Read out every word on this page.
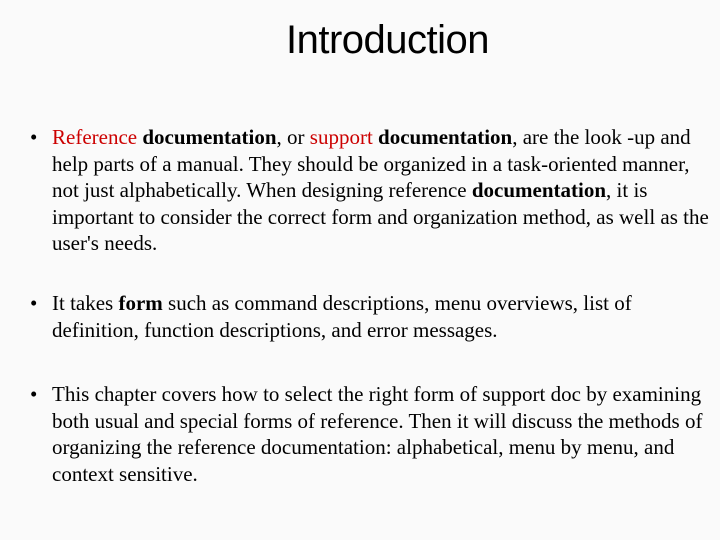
Introduction
• Reference documentation, or support documentation, are the look -up and help parts of a manual. They should be organized in a task-oriented manner, not just alphabetically. When designing reference documentation, it is important to consider the correct form and organization method, as well as the user's needs.
• It takes form such as command descriptions, menu overviews, list of definition, function descriptions, and error messages.
• This chapter covers how to select the right form of support doc by examining both usual and special forms of reference. Then it will discuss the methods of organizing the reference documentation: alphabetical, menu by menu, and context sensitive.
